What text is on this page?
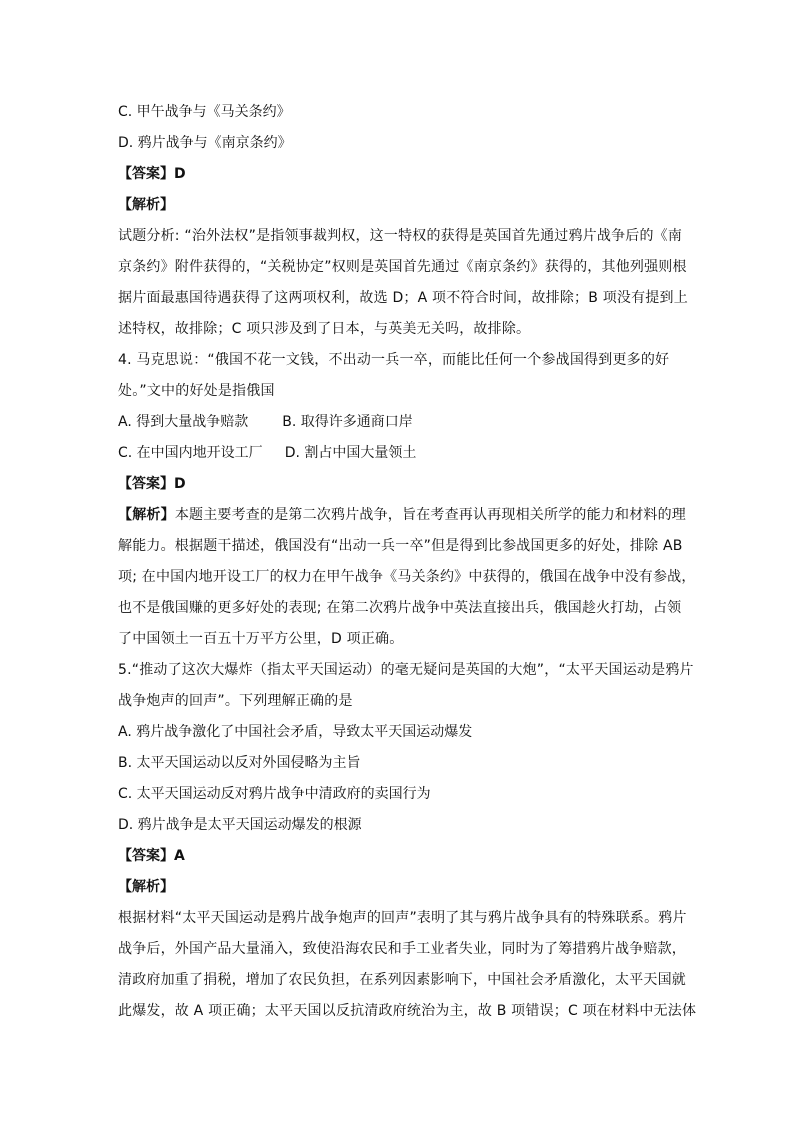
C. 甲午战争与《马关条约》
D. 鸦片战争与《南京条约》
【答案】D
【解析】
试题分析: “治外法权”是指领事裁判权，这一特权的获得是英国首先通过鸦片战争后的《南
京条约》附件获得的，“关税协定”权则是英国首先通过《南京条约》获得的，其他列强则根
据片面最惠国待遇获得了这两项权利，故选 D；A 项不符合时间，故排除；B 项没有提到上
述特权，故排除；C 项只涉及到了日本，与英美无关吗，故排除。
4. 马克思说：“俄国不花一文钱，不出动一兵一卒，而能比任何一个参战国得到更多的好
处。”文中的好处是指俄国
A. 得到大量战争赔款 B. 取得许多通商口岸
C. 在中国内地开设工厂 D. 割占中国大量领土
【答案】D
【解析】本题主要考查的是第二次鸦片战争，旨在考查再认再现相关所学的能力和材料的理
解能力。根据题干描述，俄国没有“出动一兵一卒”但是得到比参战国更多的好处，排除 AB
项; 在中国内地开设工厂的权力在甲午战争《马关条约》中获得的，俄国在战争中没有参战，
也不是俄国赚的更多好处的表现; 在第二次鸦片战争中英法直接出兵，俄国趁火打劫，占领
了中国领土一百五十万平方公里，D 项正确。
5.“推动了这次大爆炸（指太平天国运动）的毫无疑问是英国的大炮”，“太平天国运动是鸦片
战争炮声的回声”。下列理解正确的是
A. 鸦片战争激化了中国社会矛盾，导致太平天国运动爆发
B. 太平天国运动以反对外国侵略为主旨
C. 太平天国运动反对鸦片战争中清政府的卖国行为
D. 鸦片战争是太平天国运动爆发的根源
【答案】A
【解析】
根据材料“太平天国运动是鸦片战争炮声的回声”表明了其与鸦片战争具有的特殊联系。鸦片
战争后，外国产品大量涌入，致使沿海农民和手工业者失业，同时为了筹措鸦片战争赔款，
清政府加重了捐税，增加了农民负担，在系列因素影响下，中国社会矛盾激化，太平天国就
此爆发，故 A 项正确；太平天国以反抗清政府统治为主，故 B 项错误；C 项在材料中无法体
